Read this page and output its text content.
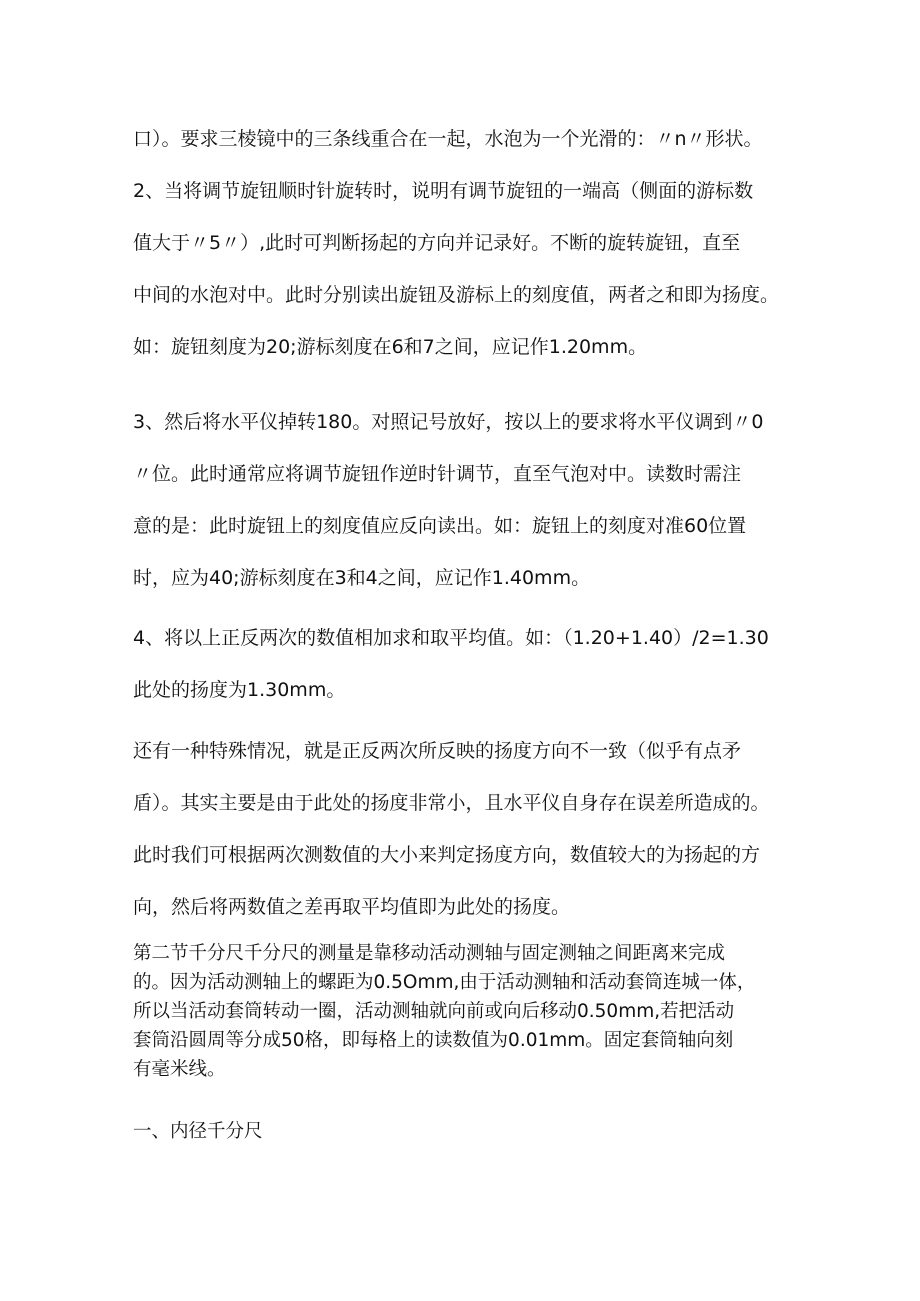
口）。要求三棱镜中的三条线重合在一起，水泡为一个光滑的：〃n〃形状。
2、当将调节旋钮顺时针旋转时，说明有调节旋钮的一端高（侧面的游标数
值大于〃5〃）,此时可判断扬起的方向并记录好。不断的旋转旋钮，直至
中间的水泡对中。此时分别读出旋钮及游标上的刻度值，两者之和即为扬度。
如：旋钮刻度为20;游标刻度在6和7之间，应记作1.20mm。
3、然后将水平仪掉转180。对照记号放好，按以上的要求将水平仪调到〃0
〃位。此时通常应将调节旋钮作逆时针调节，直至气泡对中。读数时需注
意的是：此时旋钮上的刻度值应反向读出。如：旋钮上的刻度对准60位置
时，应为40;游标刻度在3和4之间，应记作1.40mm。
4、将以上正反两次的数值相加求和取平均值。如：（1.20+1.40）/2=1.30
此处的扬度为1.30mm。
还有一种特殊情况，就是正反两次所反映的扬度方向不一致（似乎有点矛
盾）。其实主要是由于此处的扬度非常小，且水平仪自身存在误差所造成的。
此时我们可根据两次测数值的大小来判定扬度方向，数值较大的为扬起的方
向，然后将两数值之差再取平均值即为此处的扬度。
第二节千分尺千分尺的测量是靠移动活动测轴与固定测轴之间距离来完成
的。因为活动测轴上的螺距为0.5Omm,由于活动测轴和活动套筒连城一体，
所以当活动套筒转动一圈，活动测轴就向前或向后移动0.50mm,若把活动
套筒沿圆周等分成50格，即每格上的读数值为0.01mm。固定套筒轴向刻
有毫米线。
一、内径千分尺
